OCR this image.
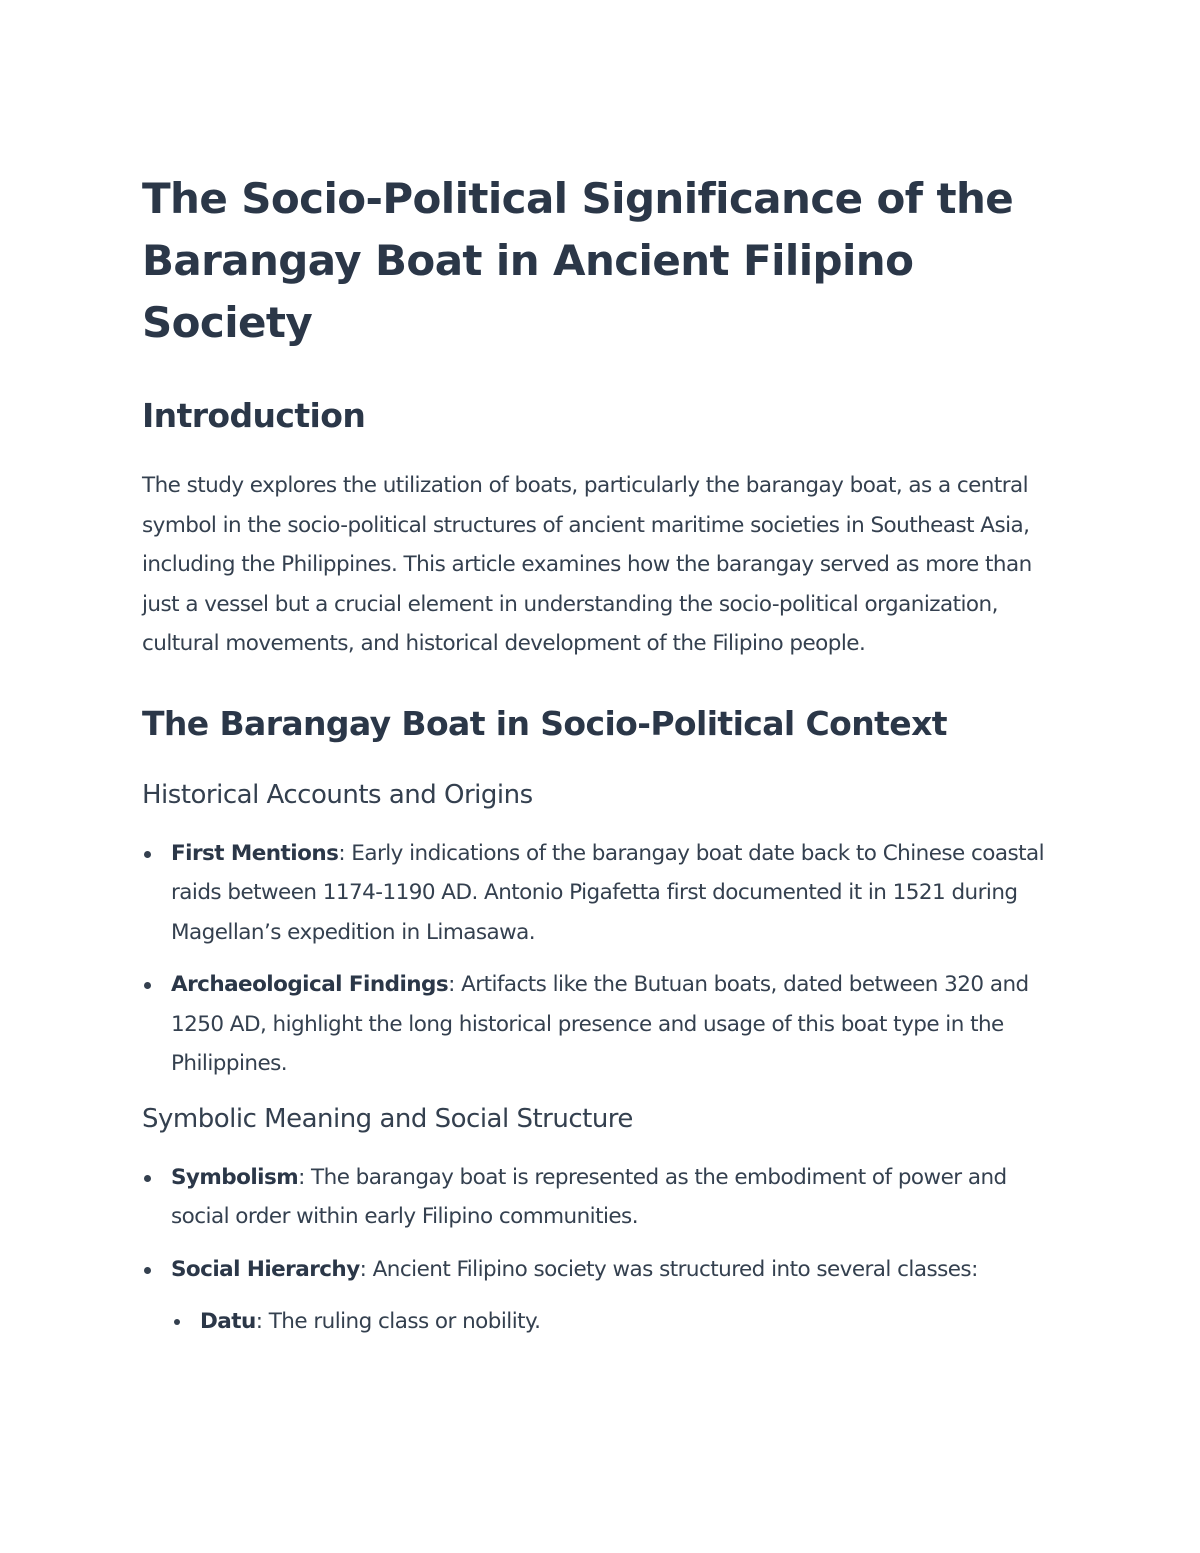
The Socio-Political Significance of the Barangay Boat in Ancient Filipino Society
Introduction

The study explores the utilization of boats, particularly the barangay boat, as a central symbol in the socio-political structures of ancient maritime societies in Southeast Asia, including the Philippines. This article examines how the barangay served as more than just a vessel but a crucial element in understanding the socio-political organization, cultural movements, and historical development of the Filipino people.

The Barangay Boat in Socio-Political Context
Historical Accounts and Origins
First Mentions: Early indications of the barangay boat date back to Chinese coastal raids between 1174-1190 AD. Antonio Pigafetta first documented it in 1521 during Magellan’s expedition in Limasawa.
Archaeological Findings: Artifacts like the Butuan boats, dated between 320 and 1250 AD, highlight the long historical presence and usage of this boat type in the Philippines.
Symbolic Meaning and Social Structure
Symbolism: The barangay boat is represented as the embodiment of power and social order within early Filipino communities.
Social Hierarchy: Ancient Filipino society was structured into several classes:
Datu: The ruling class or nobility.
